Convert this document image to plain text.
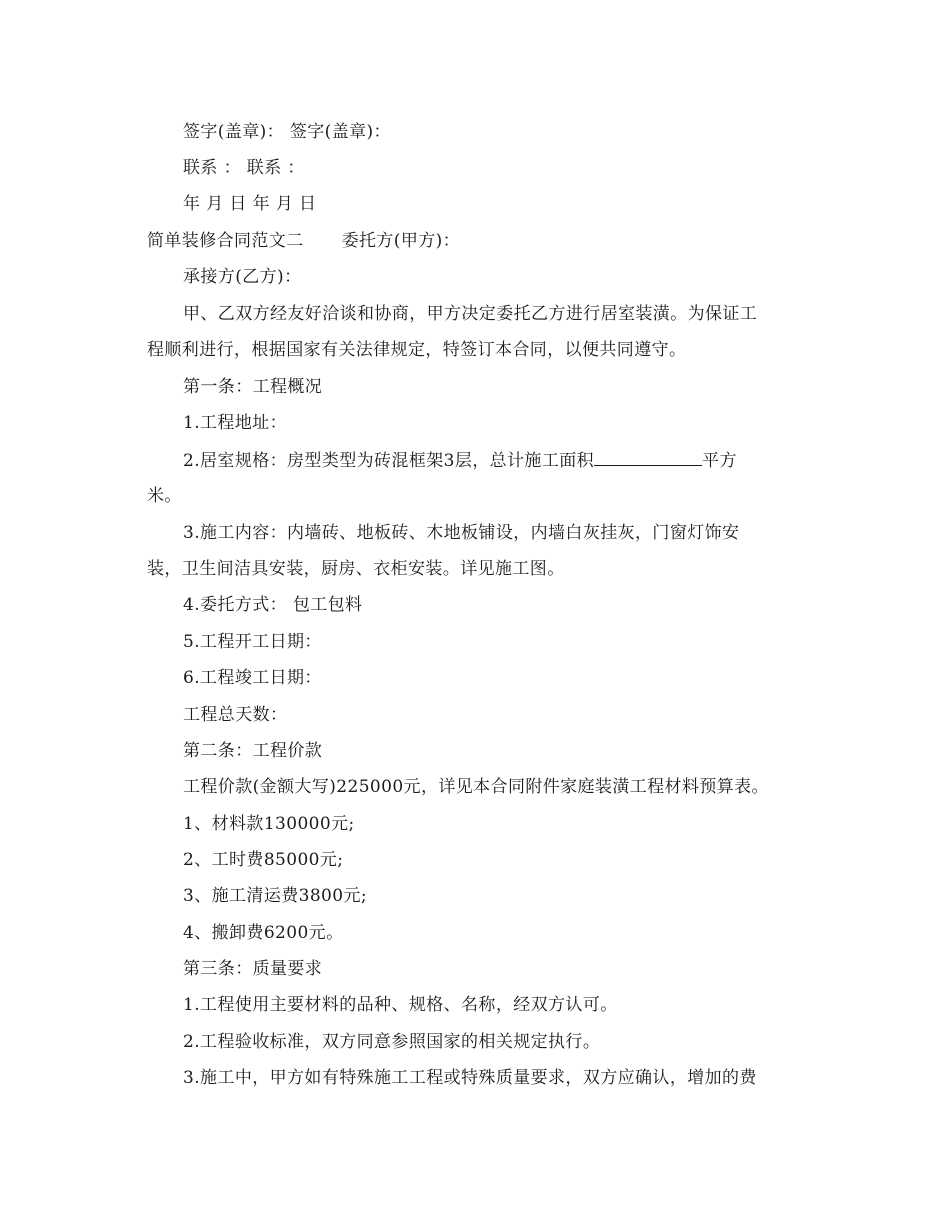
签字(盖章)： 签字(盖章)：
联系 ： 联系 ：
年 月 日 年 月 日
简单装修合同范文二 委托方(甲方)：
承接方(乙方)：
甲、乙双方经友好洽谈和协商，甲方决定委托乙方进行居室装潢。为保证工
程顺利进行，根据国家有关法律规定，特签订本合同，以便共同遵守。
第一条：工程概况
1.工程地址：
2.居室规格：房型类型为砖混框架3层，总计施工面积	平方
米。
3.施工内容：内墙砖、地板砖、木地板铺设，内墙白灰挂灰，门窗灯饰安
装，卫生间洁具安装，厨房、衣柜安装。详见施工图。
4.委托方式： 包工包料
5.工程开工日期：
6.工程竣工日期：
工程总天数：
第二条：工程价款
工程价款(金额大写)225000元，详见本合同附件家庭装潢工程材料预算表。
1、材料款130000元;
2、工时费85000元;
3、施工清运费3800元;
4、搬卸费6200元。
第三条：质量要求
1.工程使用主要材料的品种、规格、名称，经双方认可。
2.工程验收标准，双方同意参照国家的相关规定执行。
3.施工中，甲方如有特殊施工工程或特殊质量要求，双方应确认，增加的费
